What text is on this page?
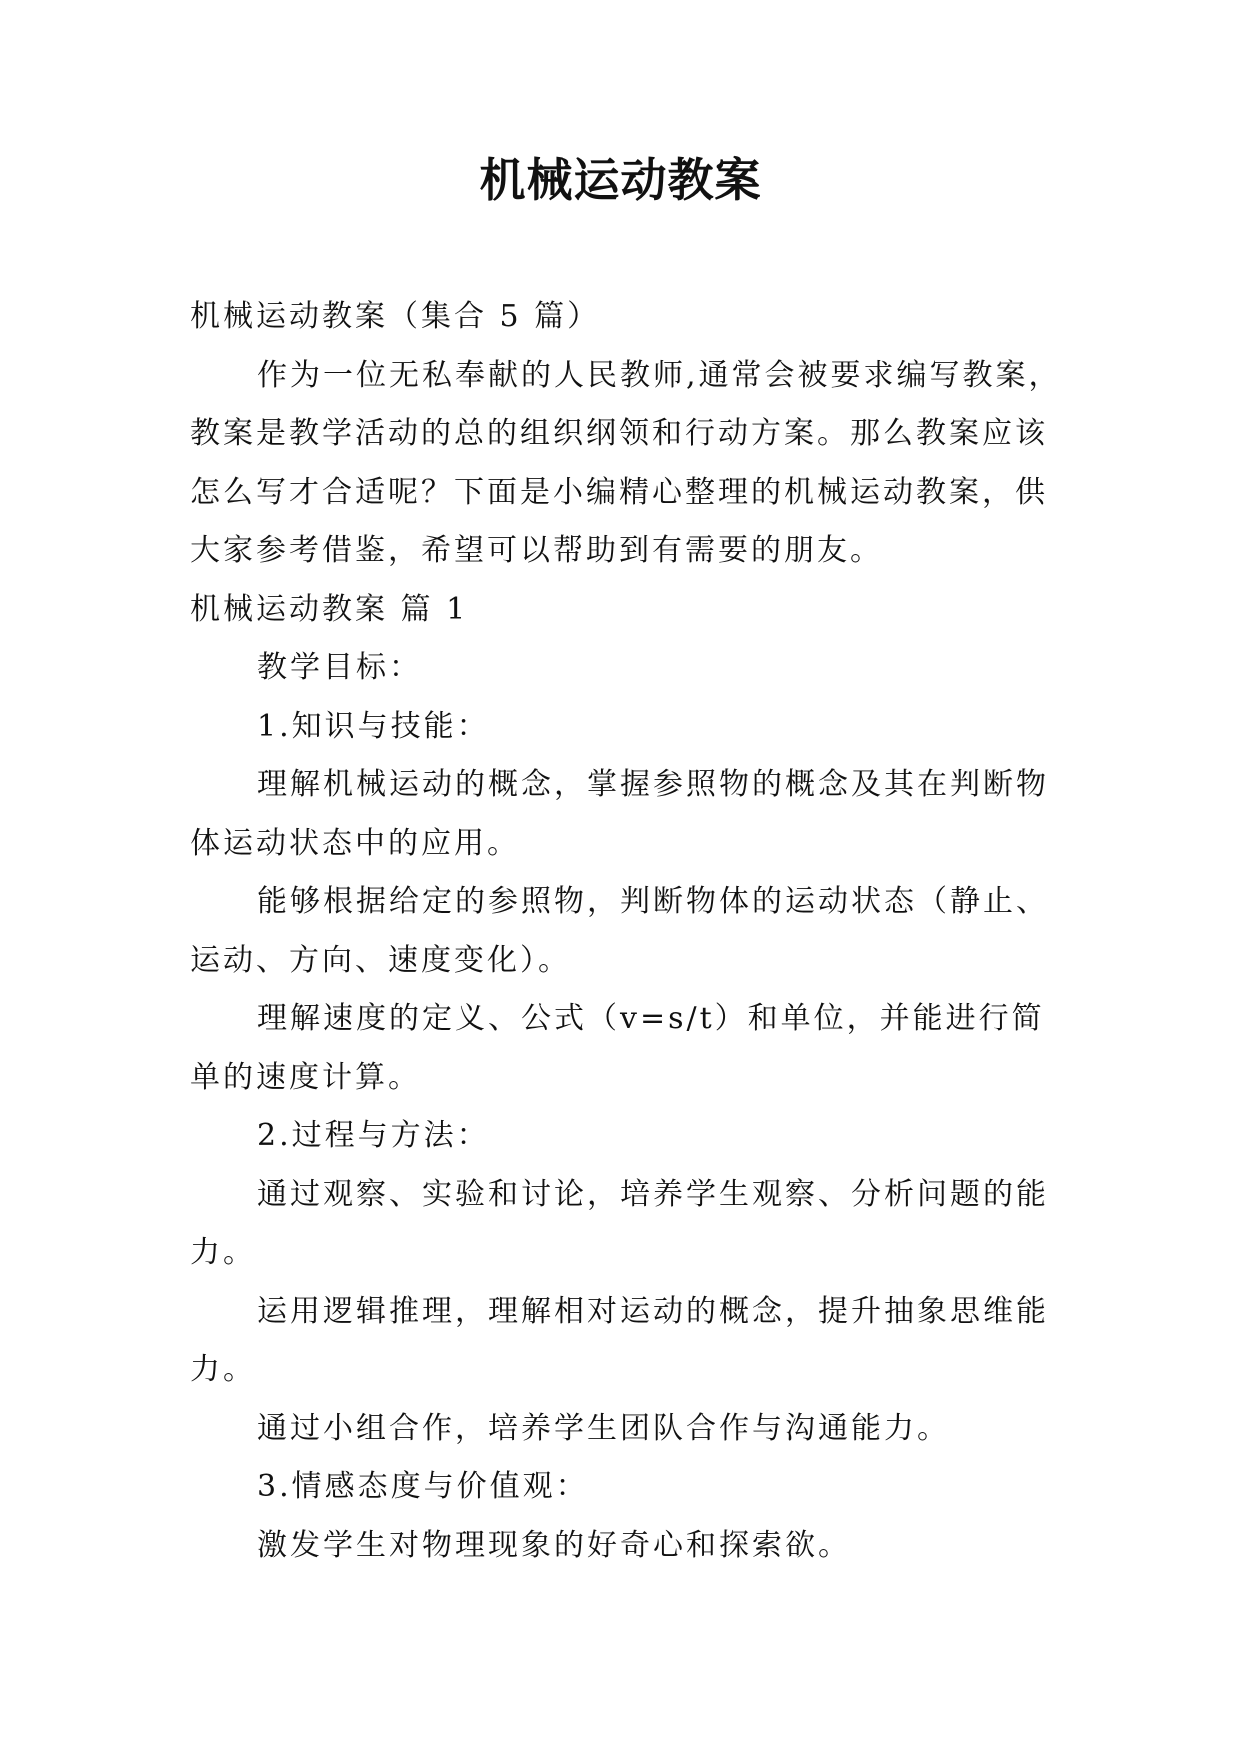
机械运动教案

机械运动教案（集合 5 篇）

作为一位无私奉献的人民教师,通常会被要求编写教案，

教案是教学活动的总的组织纲领和行动方案。那么教案应该

怎么写才合适呢？下面是小编精心整理的机械运动教案，供

大家参考借鉴，希望可以帮助到有需要的朋友。

机械运动教案 篇 1

教学目标：

1.知识与技能：

理解机械运动的概念，掌握参照物的概念及其在判断物

体运动状态中的应用。

能够根据给定的参照物，判断物体的运动状态（静止、

运动、方向、速度变化）。

理解速度的定义、公式（v=s/t）和单位，并能进行简

单的速度计算。

2.过程与方法：

通过观察、实验和讨论，培养学生观察、分析问题的能

力。

运用逻辑推理，理解相对运动的概念，提升抽象思维能

力。

通过小组合作，培养学生团队合作与沟通能力。

3.情感态度与价值观：

激发学生对物理现象的好奇心和探索欲。
